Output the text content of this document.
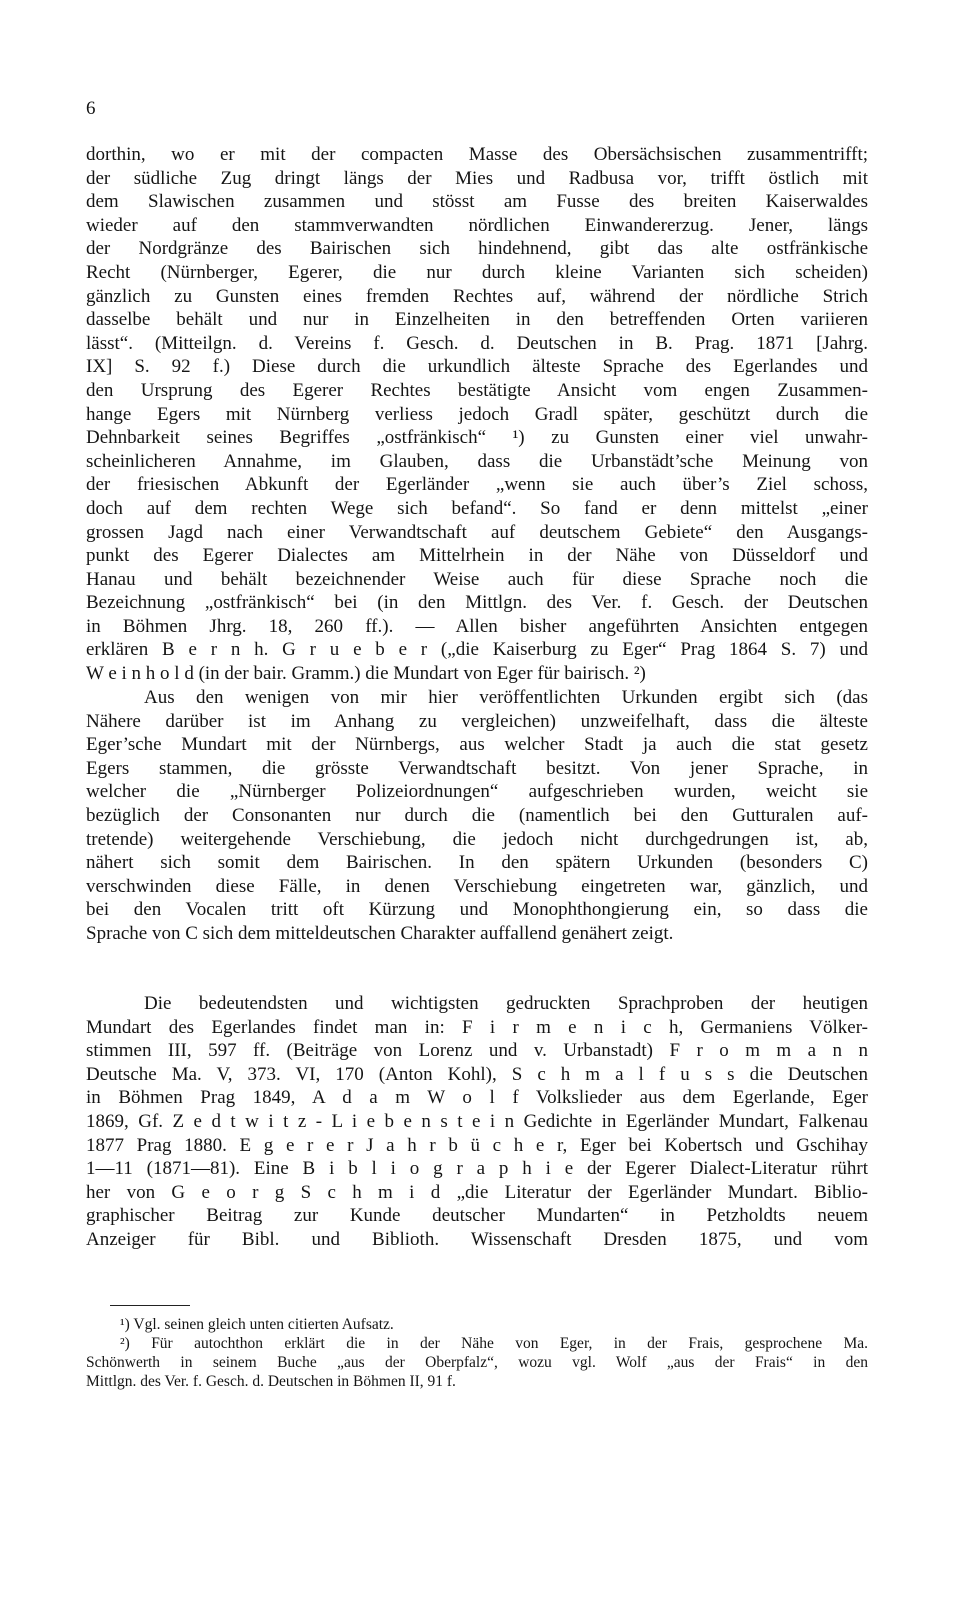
6
dorthin, wo er mit der compacten Masse des Obersächsischen zusammentrifft;
der südliche Zug dringt längs der Mies und Radbusa vor, trifft östlich mit
dem Slawischen zusammen und stösst am Fusse des breiten Kaiserwaldes
wieder auf den stammverwandten nördlichen Einwandererzug. Jener, längs
der Nordgränze des Bairischen sich hindehnend, gibt das alte ostfränkische
Recht (Nürnberger, Egerer, die nur durch kleine Varianten sich scheiden)
gänzlich zu Gunsten eines fremden Rechtes auf, während der nördliche Strich
dasselbe behält und nur in Einzelheiten in den betreffenden Orten variieren
lässt“. (Mitteilgn. d. Vereins f. Gesch. d. Deutschen in B. Prag. 1871 [Jahrg.
IX] S. 92 f.) Diese durch die urkundlich älteste Sprache des Egerlandes und
den Ursprung des Egerer Rechtes bestätigte Ansicht vom engen Zusammen-
hange Egers mit Nürnberg verliess jedoch Gradl später, geschützt durch die
Dehnbarkeit seines Begriffes „ostfränkisch“ ¹) zu Gunsten einer viel unwahr-
scheinlicheren Annahme, im Glauben, dass die Urbanstädt’sche Meinung von
der friesischen Abkunft der Egerländer „wenn sie auch über’s Ziel schoss,
doch auf dem rechten Wege sich befand“. So fand er denn mittelst „einer
grossen Jagd nach einer Verwandtschaft auf deutschem Gebiete“ den Ausgangs-
punkt des Egerer Dialectes am Mittelrhein in der Nähe von Düsseldorf und
Hanau und behält bezeichnender Weise auch für diese Sprache noch die
Bezeichnung „ostfränkisch“ bei (in den Mittlgn. des Ver. f. Gesch. der Deutschen
in Böhmen Jhrg. 18, 260 ff.). — Allen bisher angeführten Ansichten entgegen
erklären B e r n h. G r u e b e r („die Kaiserburg zu Eger“ Prag 1864 S. 7) und
W e i n h o l d (in der bair. Gramm.) die Mundart von Eger für bairisch. ²)
Aus den wenigen von mir hier veröffentlichten Urkunden ergibt sich (das
Nähere darüber ist im Anhang zu vergleichen) unzweifelhaft, dass die älteste
Eger’sche Mundart mit der Nürnbergs, aus welcher Stadt ja auch die stat gesetz
Egers stammen, die grösste Verwandtschaft besitzt. Von jener Sprache, in
welcher die „Nürnberger Polizeiordnungen“ aufgeschrieben wurden, weicht sie
bezüglich der Consonanten nur durch die (namentlich bei den Gutturalen auf-
tretende) weitergehende Verschiebung, die jedoch nicht durchgedrungen ist, ab,
nähert sich somit dem Bairischen. In den spätern Urkunden (besonders C)
verschwinden diese Fälle, in denen Verschiebung eingetreten war, gänzlich, und
bei den Vocalen tritt oft Kürzung und Monophthongierung ein, so dass die
Sprache von C sich dem mitteldeutschen Charakter auffallend genähert zeigt.
Die bedeutendsten und wichtigsten gedruckten Sprachproben der heutigen
Mundart des Egerlandes findet man in: F i r m e n i c h, Germaniens Völker-
stimmen III, 597 ff. (Beiträge von Lorenz und v. Urbanstadt) F r o m m a n n
Deutsche Ma. V, 373. VI, 170 (Anton Kohl), S c h m a l f u s s die Deutschen
in Böhmen Prag 1849, A d a m W o l f Volkslieder aus dem Egerlande, Eger
1869, Gf. Z e d t w i t z - L i e b e n s t e i n Gedichte in Egerländer Mundart, Falkenau
1877 Prag 1880. E g e r e r J a h r b ü c h e r, Eger bei Kobertsch und Gschihay
1—11 (1871—81). Eine B i b l i o g r a p h i e der Egerer Dialect-Literatur rührt
her von G e o r g S c h m i d „die Literatur der Egerländer Mundart. Biblio-
graphischer Beitrag zur Kunde deutscher Mundarten“ in Petzholdts neuem
Anzeiger für Bibl. und Biblioth. Wissenschaft Dresden 1875, und vom
¹) Vgl. seinen gleich unten citierten Aufsatz.
²) Für autochthon erklärt die in der Nähe von Eger, in der Frais, gesprochene Ma.
Schönwerth in seinem Buche „aus der Oberpfalz“, wozu vgl. Wolf „aus der Frais“ in den
Mittlgn. des Ver. f. Gesch. d. Deutschen in Böhmen II, 91 f.
